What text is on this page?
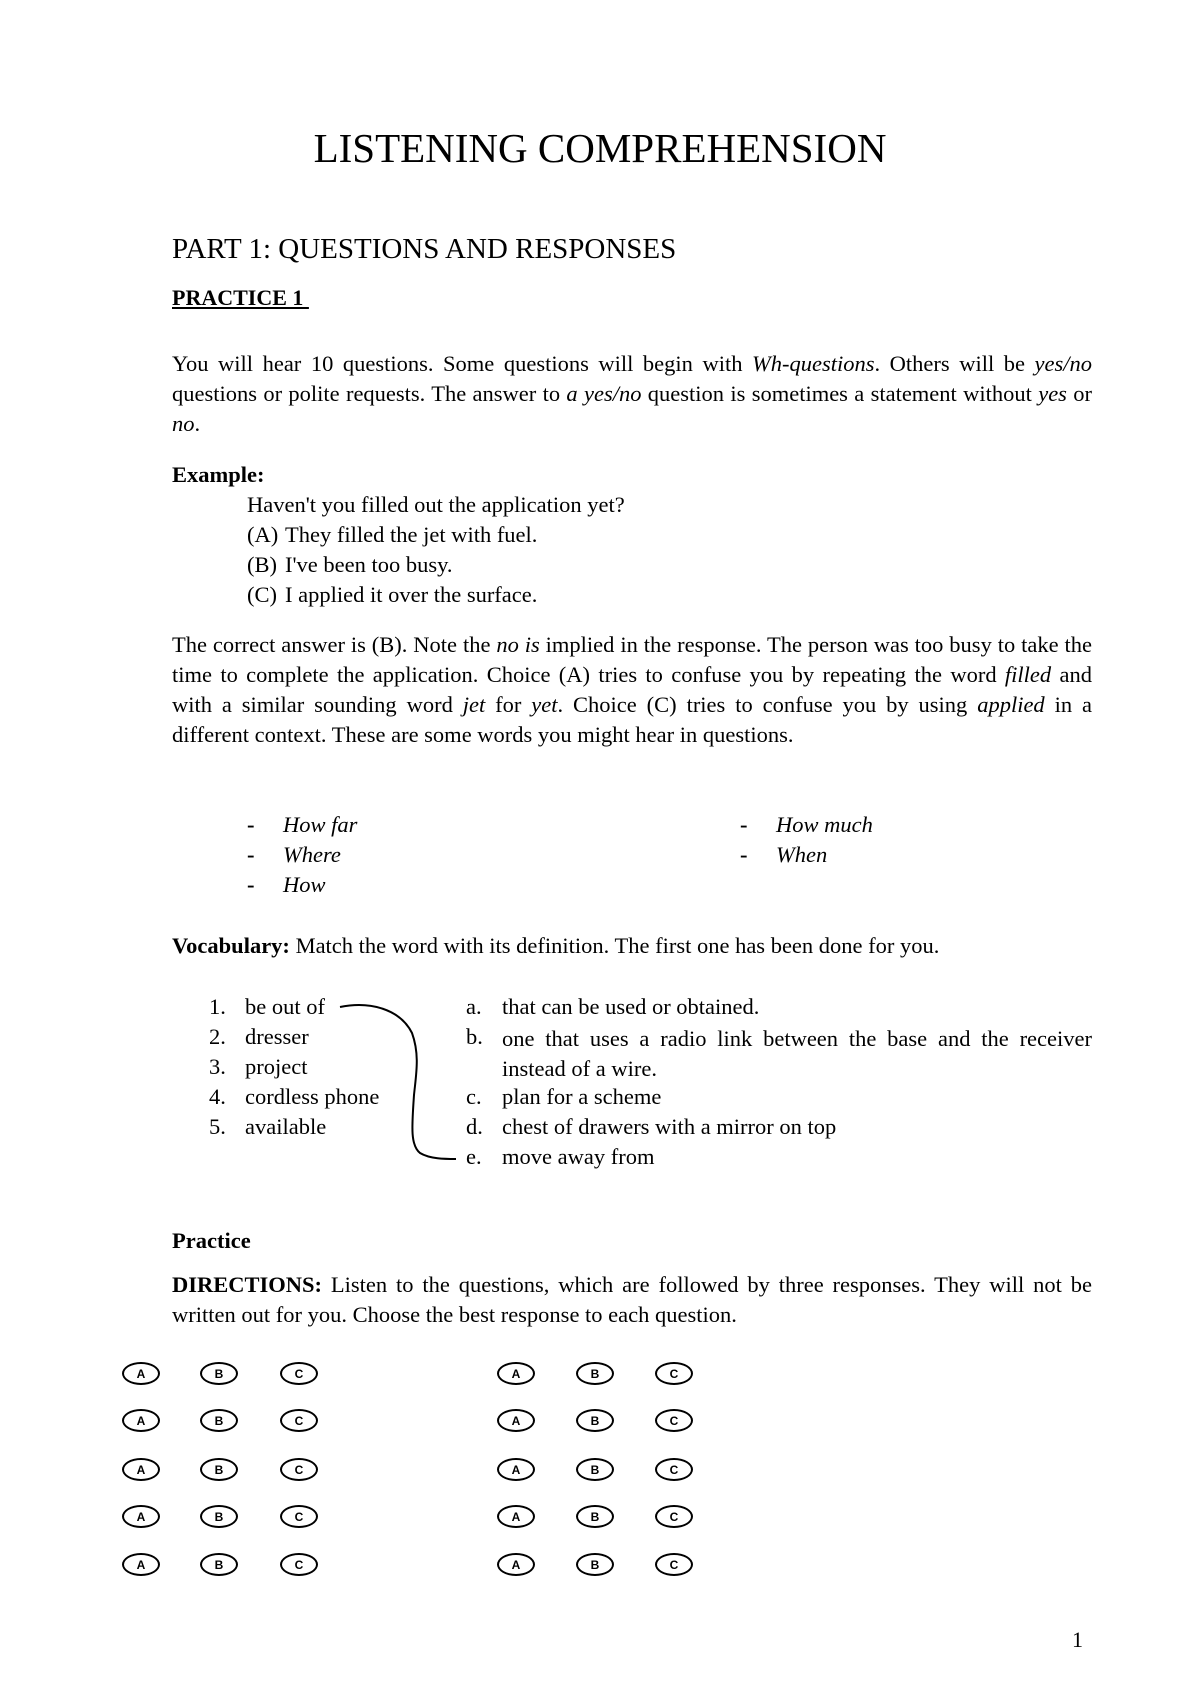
LISTENING COMPREHENSION
PART 1: QUESTIONS AND RESPONSES
PRACTICE 1
You will hear 10 questions. Some questions will begin with Wh-questions. Others will be yes/no questions or polite requests. The answer to a yes/no question is sometimes a statement without yes or no.
Example:
Haven't you filled out the application yet?
(A) They filled the jet with fuel.
(B) I've been too busy.
(C) I applied it over the surface.
The correct answer is (B). Note the no is implied in the response. The person was too busy to take the time to complete the application. Choice (A) tries to confuse you by repeating the word filled and with a similar sounding word jet for yet. Choice (C) tries to confuse you by using applied in a different context. These are some words you might hear in questions.
- How far
- Where
- How
- How much
- When
Vocabulary: Match the word with its definition. The first one has been done for you.
1. be out of
2. dresser
3. project
4. cordless phone
5. available
a. that can be used or obtained.
b. one that uses a radio link between the base and the receiver instead of a wire.
c. plan for a scheme
d. chest of drawers with a mirror on top
e. move away from
Practice
DIRECTIONS: Listen to the questions, which are followed by three responses. They will not be written out for you. Choose the best response to each question.
A	B	C	A	B	C
A	B	C	A	B	C
A	B	C	A	B	C
A	B	C	A	B	C
A	B	C	A	B	C
1
